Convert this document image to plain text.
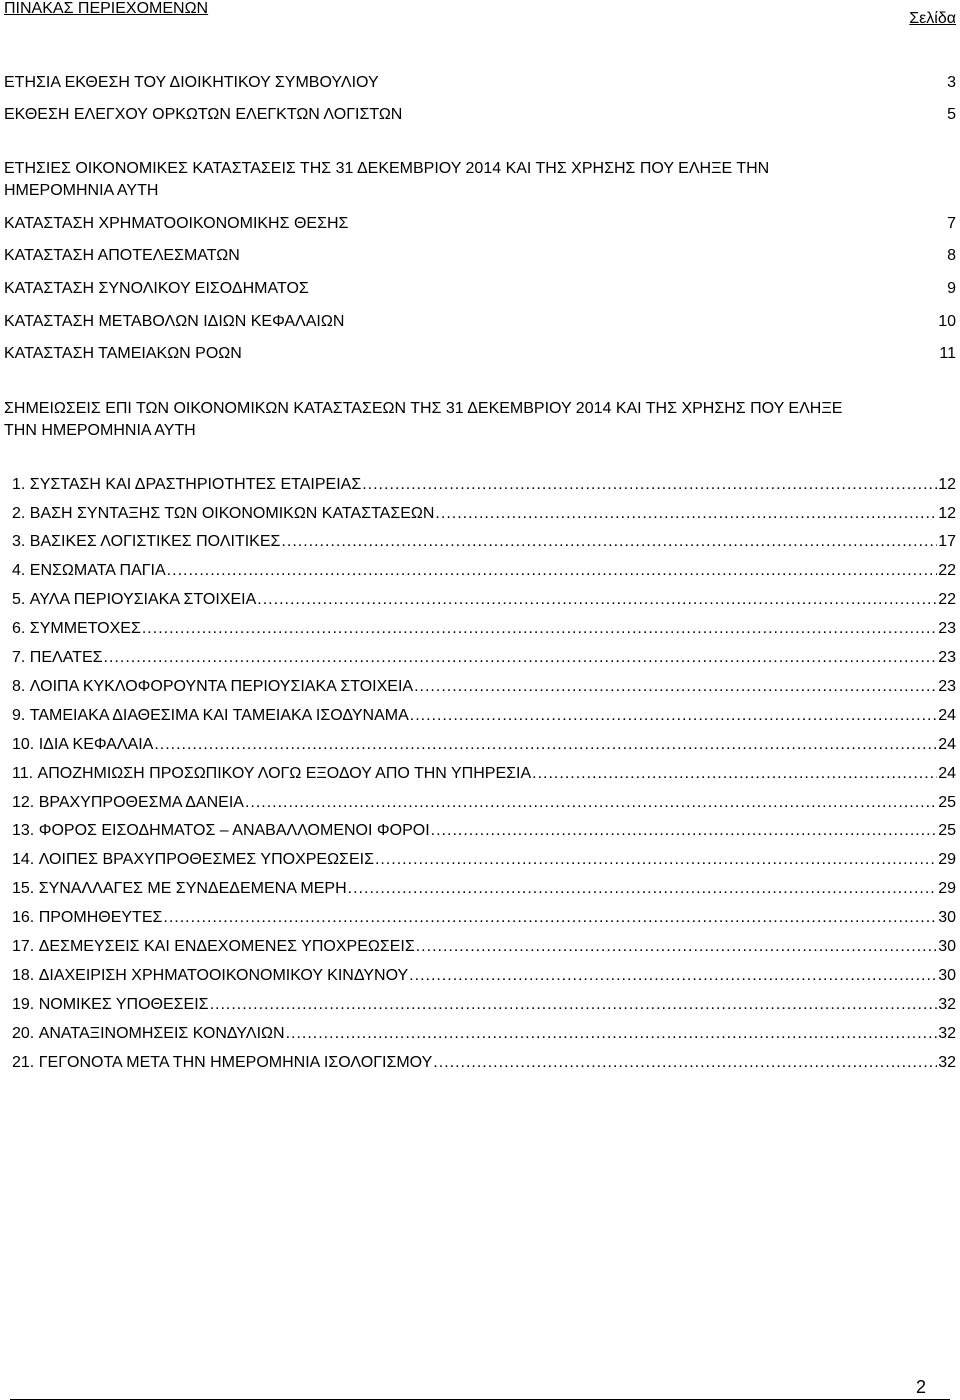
ΠΙΝΑΚΑΣ ΠΕΡΙΕΧΟΜΕΝΩΝ
Σελίδα
ΕΤΗΣΙΑ ΕΚΘΕΣΗ ΤΟΥ ΔΙΟΙΚΗΤΙΚΟΥ ΣΥΜΒΟΥΛΙΟΥ	3
ΕΚΘΕΣΗ ΕΛΕΓΧΟΥ ΟΡΚΩΤΩΝ ΕΛΕΓΚΤΩΝ ΛΟΓΙΣΤΩΝ	5
ΕΤΗΣΙΕΣ ΟΙΚΟΝΟΜΙΚΕΣ ΚΑΤΑΣΤΑΣΕΙΣ ΤΗΣ 31 ΔΕΚΕΜΒΡΙΟΥ 2014 ΚΑΙ ΤΗΣ ΧΡΗΣΗΣ ΠΟΥ ΕΛΗΞΕ ΤΗΝ ΗΜΕΡΟΜΗΝΙΑ ΑΥΤΗ
ΚΑΤΑΣΤΑΣΗ ΧΡΗΜΑΤΟΟΙΚΟΝΟΜΙΚΗΣ ΘΕΣΗΣ	7
ΚΑΤΑΣΤΑΣΗ ΑΠΟΤΕΛΕΣΜΑΤΩΝ	8
ΚΑΤΑΣΤΑΣΗ ΣΥΝΟΛΙΚΟΥ ΕΙΣΟΔΗΜΑΤΟΣ	9
ΚΑΤΑΣΤΑΣΗ ΜΕΤΑΒΟΛΩΝ ΙΔΙΩΝ ΚΕΦΑΛΑΙΩΝ	10
ΚΑΤΑΣΤΑΣΗ ΤΑΜΕΙΑΚΩΝ ΡΟΩΝ	11
ΣΗΜΕΙΩΣΕΙΣ ΕΠΙ ΤΩΝ ΟΙΚΟΝΟΜΙΚΩΝ ΚΑΤΑΣΤΑΣΕΩΝ ΤΗΣ 31 ΔΕΚΕΜΒΡΙΟΥ 2014 ΚΑΙ ΤΗΣ ΧΡΗΣΗΣ ΠΟΥ ΕΛΗΞΕ ΤΗΝ ΗΜΕΡΟΜΗΝΙΑ ΑΥΤΗ
1.
ΣΥΣΤΑΣΗ ΚΑΙ ΔΡΑΣΤΗΡΙΟΤΗΤΕΣ ΕΤΑΙΡΕΙΑΣ .....	12
2.
ΒΑΣΗ ΣΥΝΤΑΞΗΣ ΤΩΝ ΟΙΚΟΝΟΜΙΚΩΝ ΚΑΤΑΣΤΑΣΕΩΝ .....	12
3.
ΒΑΣΙΚΕΣ ΛΟΓΙΣΤΙΚΕΣ ΠΟΛΙΤΙΚΕΣ .....	17
4.
ΕΝΣΩΜΑΤΑ ΠΑΓΙΑ .....	22
5.
ΑΥΛΑ ΠΕΡΙΟΥΣΙΑΚΑ ΣΤΟΙΧΕΙΑ .....	22
6.
ΣΥΜΜΕΤΟΧΕΣ .....	23
7.
ΠΕΛΑΤΕΣ .....	23
8.
ΛΟΙΠΑ ΚΥΚΛΟΦΟΡΟΥΝΤΑ ΠΕΡΙΟΥΣΙΑΚΑ ΣΤΟΙΧΕΙΑ .....	23
9.
ΤΑΜΕΙΑΚΑ ΔΙΑΘΕΣΙΜΑ ΚΑΙ ΤΑΜΕΙΑΚΑ ΙΣΟΔΥΝΑΜΑ .....	24
10.
ΙΔΙΑ ΚΕΦΑΛΑΙΑ .....	24
11.
ΑΠΟΖΗΜΙΩΣΗ ΠΡΟΣΩΠΙΚΟΥ ΛΟΓΩ ΕΞΟΔΟΥ ΑΠΟ ΤΗΝ ΥΠΗΡΕΣΙΑ .....	24
12.
ΒΡΑΧΥΠΡΟΘΕΣΜΑ ΔΑΝΕΙΑ .....	25
13.
ΦΟΡΟΣ ΕΙΣΟΔΗΜΑΤΟΣ – ΑΝΑΒΑΛΛΟΜΕΝΟΙ ΦΟΡΟΙ .....	25
14.
ΛΟΙΠΕΣ ΒΡΑΧΥΠΡΟΘΕΣΜΕΣ ΥΠΟΧΡΕΩΣΕΙΣ .....	29
15.
ΣΥΝΑΛΛΑΓΕΣ ΜΕ ΣΥΝΔΕΔΕΜΕΝΑ ΜΕΡΗ .....	29
16.
ΠΡΟΜΗΘΕΥΤΕΣ .....	30
17.
ΔΕΣΜΕΥΣΕΙΣ ΚΑΙ ΕΝΔΕΧΟΜΕΝΕΣ ΥΠΟΧΡΕΩΣΕΙΣ .....	30
18.
ΔΙΑΧΕΙΡΙΣΗ ΧΡΗΜΑΤΟΟΙΚΟΝΟΜΙΚΟΥ ΚΙΝΔΥΝΟΥ .....	30
19.
ΝΟΜΙΚΕΣ ΥΠΟΘΕΣΕΙΣ .....	32
20.
ΑΝΑΤΑΞΙΝΟΜΗΣΕΙΣ ΚΟΝΔΥΛΙΩΝ .....	32
21.
ΓΕΓΟΝΟΤΑ ΜΕΤΑ ΤΗΝ ΗΜΕΡΟΜΗΝΙΑ ΙΣΟΛΟΓΙΣΜΟΥ .....	32
2
